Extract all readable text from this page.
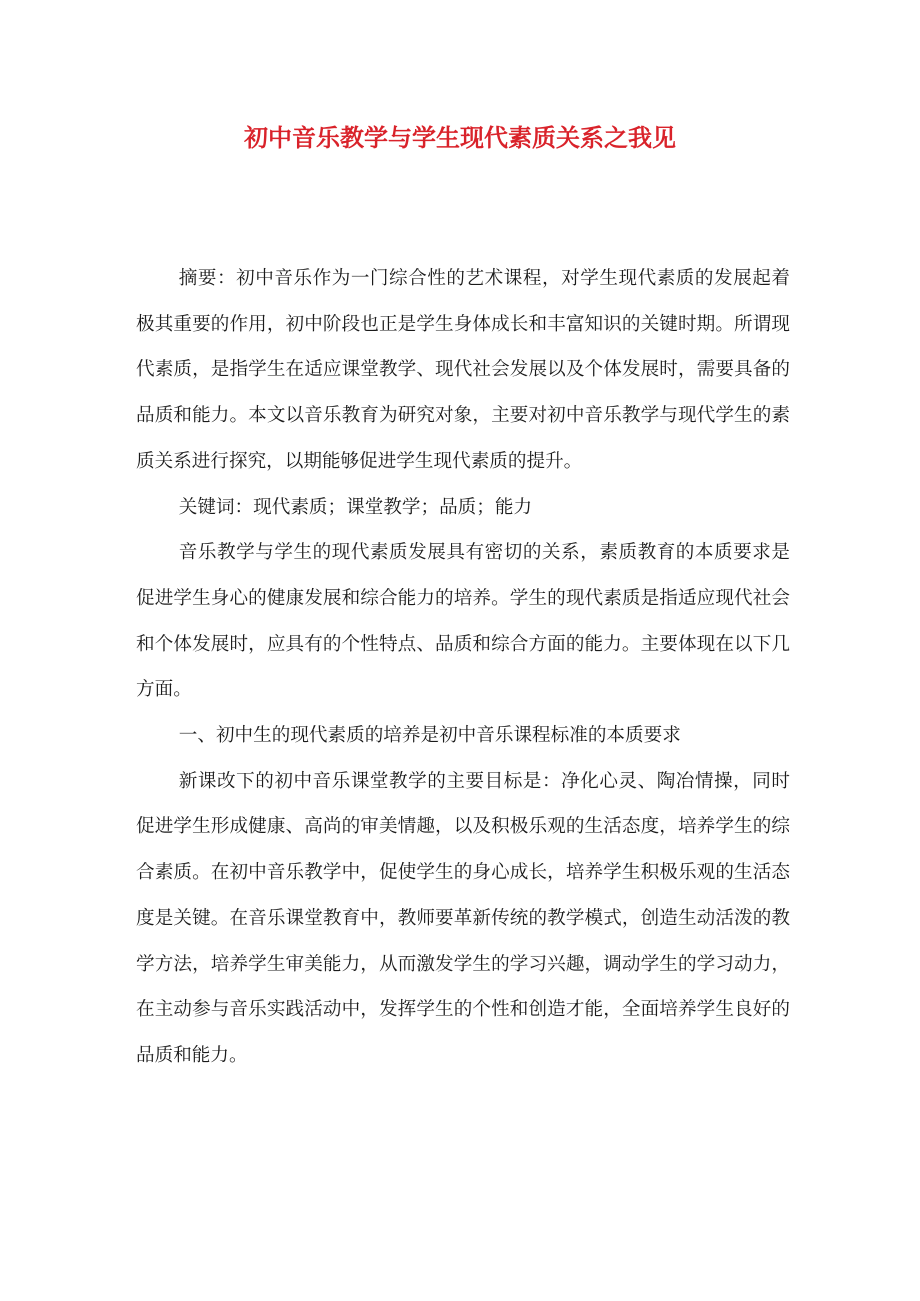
初中音乐教学与学生现代素质关系之我见

摘要：初中音乐作为一门综合性的艺术课程，对学生现代素质的发展起着极其重要的作用，初中阶段也正是学生身体成长和丰富知识的关键时期。所谓现代素质，是指学生在适应课堂教学、现代社会发展以及个体发展时，需要具备的品质和能力。本文以音乐教育为研究对象，主要对初中音乐教学与现代学生的素质关系进行探究，以期能够促进学生现代素质的提升。

关键词：现代素质；课堂教学；品质；能力

音乐教学与学生的现代素质发展具有密切的关系，素质教育的本质要求是促进学生身心的健康发展和综合能力的培养。学生的现代素质是指适应现代社会和个体发展时，应具有的个性特点、品质和综合方面的能力。主要体现在以下几方面。

一、初中生的现代素质的培养是初中音乐课程标准的本质要求

新课改下的初中音乐课堂教学的主要目标是：净化心灵、陶冶情操，同时促进学生形成健康、高尚的审美情趣，以及积极乐观的生活态度，培养学生的综合素质。在初中音乐教学中，促使学生的身心成长，培养学生积极乐观的生活态度是关键。在音乐课堂教育中，教师要革新传统的教学模式，创造生动活泼的教学方法，培养学生审美能力，从而激发学生的学习兴趣，调动学生的学习动力，在主动参与音乐实践活动中，发挥学生的个性和创造才能，全面培养学生良好的品质和能力。
